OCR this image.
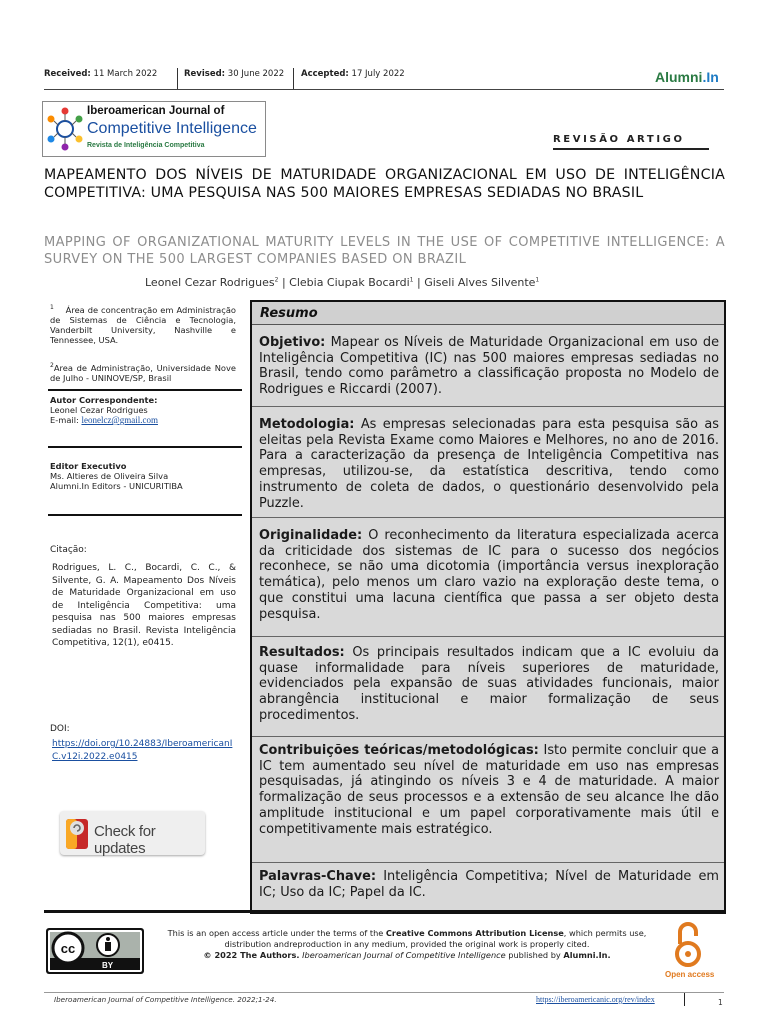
Received: 11 March 2022	Revised: 30 June 2022 Accepted: 17 July 2022	Alumni.In
Iberoamerican Journal of
Competitive Intelligence
Revista de Inteligência Competitiva
REVISÃO ARTIGO
MAPEAMENTO DOS NÍVEIS DE MATURIDADE ORGANIZACIONAL EM USO DE INTELIGÊNCIA COMPETITIVA: UMA PESQUISA NAS 500 MAIORES EMPRESAS SEDIADAS NO BRASIL
MAPPING OF ORGANIZATIONAL MATURITY LEVELS IN THE USE OF COMPETITIVE INTELLIGENCE: A SURVEY ON THE 500 LARGEST COMPANIES BASED ON BRAZIL
Leonel Cezar Rodrigues$^2$ | Clebia Ciupak Bocardi$^1$ | Giseli Alves Silvente$^1$
$^1$ Área de concentração em Administração de Sistemas de Ciência e Tecnologia, Vanderbilt University, Nashville e Tennessee, USA.
$^2$Area de Administração, Universidade Nove de Julho - UNINOVE/SP, Brasil
Autor Correspondente:
Leonel Cezar Rodrigues
E-mail: leonelcz@gmail.com
Editor Executivo
Ms. Altieres de Oliveira Silva
Alumni.In Editors - UNICURITIBA
Citação:
Rodrigues, L. C., Bocardi, C. C., & Silvente, G. A. Mapeamento Dos Níveis de Maturidade Organizacional em uso de Inteligência Competitiva: uma pesquisa nas 500 maiores empresas sediadas no Brasil. Revista Inteligência Competitiva, 12(1), e0415.
DOI:
https://doi.org/10.24883/IberoamericanIC.v12i.2022.e0415
Check for updates
Resumo
Objetivo: Mapear os Níveis de Maturidade Organizacional em uso de Inteligência Competitiva (IC) nas 500 maiores empresas sediadas no Brasil, tendo como parâmetro a classificação proposta no Modelo de Rodrigues e Riccardi (2007).
Metodologia: As empresas selecionadas para esta pesquisa são as eleitas pela Revista Exame como Maiores e Melhores, no ano de 2016. Para a caracterização da presença de Inteligência Competitiva nas empresas, utilizou-se, da estatística descritiva, tendo como instrumento de coleta de dados, o questionário desenvolvido pela Puzzle.
Originalidade: O reconhecimento da literatura especializada acerca da criticidade dos sistemas de IC para o sucesso dos negócios reconhece, se não uma dicotomia (importância versus inexploração temática), pelo menos um claro vazio na exploração deste tema, o que constitui uma lacuna científica que passa a ser objeto desta pesquisa.
Resultados: Os principais resultados indicam que a IC evoluiu da quase informalidade para níveis superiores de maturidade, evidenciados pela expansão de suas atividades funcionais, maior abrangência institucional e maior formalização de seus procedimentos.
Contribuições teóricas/metodológicas: Isto permite concluir que a IC tem aumentado seu nível de maturidade em uso nas empresas pesquisadas, já atingindo os níveis 3 e 4 de maturidade. A maior formalização de seus processos e a extensão de seu alcance lhe dão amplitude institucional e um papel corporativamente mais útil e competitivamente mais estratégico.
Palavras-Chave: Inteligência Competitiva; Nível de Maturidade em IC; Uso da IC; Papel da IC.
cc
BY
This is an open access article under the terms of the Creative Commons Attribution License, which permits use, distribution andreproduction in any medium, provided the original work is properly cited.
© 2022 The Authors. Iberoamerican Journal of Competitive Intelligence published by Alumni.In.
Open access
Iberoamerican Journal of Competitive Intelligence. 2022;1-24.	https://iberoamericanic.org/rev/index	1
